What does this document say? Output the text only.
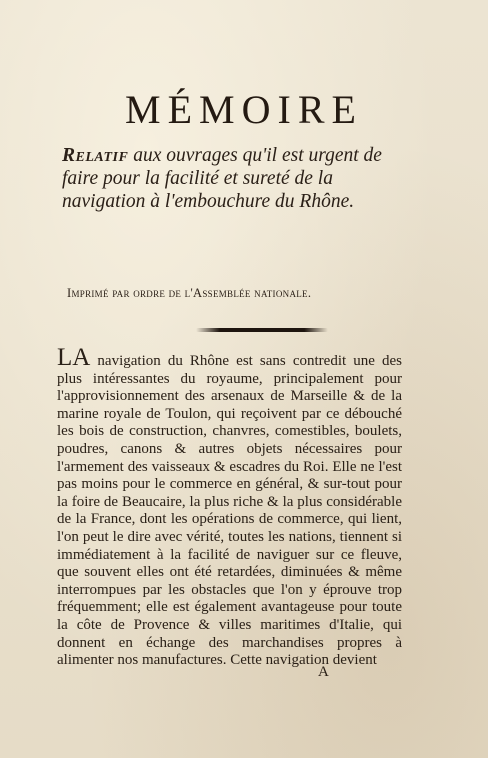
MÉMOIRE
Relatif aux ouvrages qu'il est urgent de faire pour la facilité et sureté de la navigation à l'embouchure du Rhône.
Imprimé par ordre de l'Assemblée nationale.
LA navigation du Rhône est sans contredit une des plus intéressantes du royaume, principalement pour l'approvisionnement des arsenaux de Marseille & de la marine royale de Toulon, qui reçoivent par ce débouché les bois de construction, chanvres, comestibles, boulets, poudres, canons & autres objets nécessaires pour l'armement des vaisseaux & escadres du Roi. Elle ne l'est pas moins pour le commerce en général, & sur-tout pour la foire de Beaucaire, la plus riche & la plus considérable de la France, dont les opérations de commerce, qui lient, l'on peut le dire avec vérité, toutes les nations, tiennent si immédiatement à la facilité de naviguer sur ce fleuve, que souvent elles ont été retardées, diminuées & même interrompues par les obstacles que l'on y éprouve trop fréquemment; elle est également avantageuse pour toute la côte de Provence & villes maritimes d'Italie, qui donnent en échange des marchandises propres à alimenter nos manufactures. Cette navigation devient
A
